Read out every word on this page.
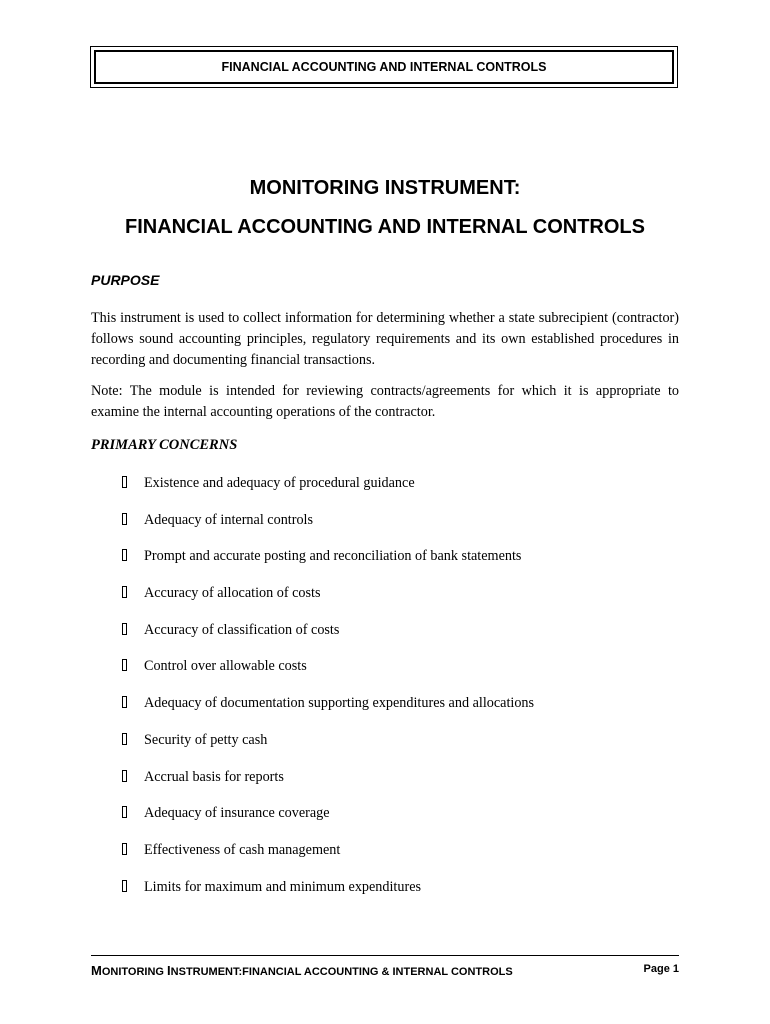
FINANCIAL ACCOUNTING AND INTERNAL CONTROLS
MONITORING INSTRUMENT:
FINANCIAL ACCOUNTING AND INTERNAL CONTROLS
PURPOSE
This instrument is used to collect information for determining whether a state subrecipient (contractor) follows sound accounting principles, regulatory requirements and its own established procedures in recording and documenting financial transactions.
Note: The module is intended for reviewing contracts/agreements for which it is appropriate to examine the internal accounting operations of the contractor.
PRIMARY CONCERNS
Existence and adequacy of procedural guidance
Adequacy of internal controls
Prompt and accurate posting and reconciliation of bank statements
Accuracy of allocation of costs
Accuracy of classification of costs
Control over allowable costs
Adequacy of documentation supporting expenditures and allocations
Security of petty cash
Accrual basis for reports
Adequacy of insurance coverage
Effectiveness of cash management
Limits for maximum and minimum expenditures
MONITORING INSTRUMENT:FINANCIAL ACCOUNTING & INTERNAL CONTROLS	Page 1
